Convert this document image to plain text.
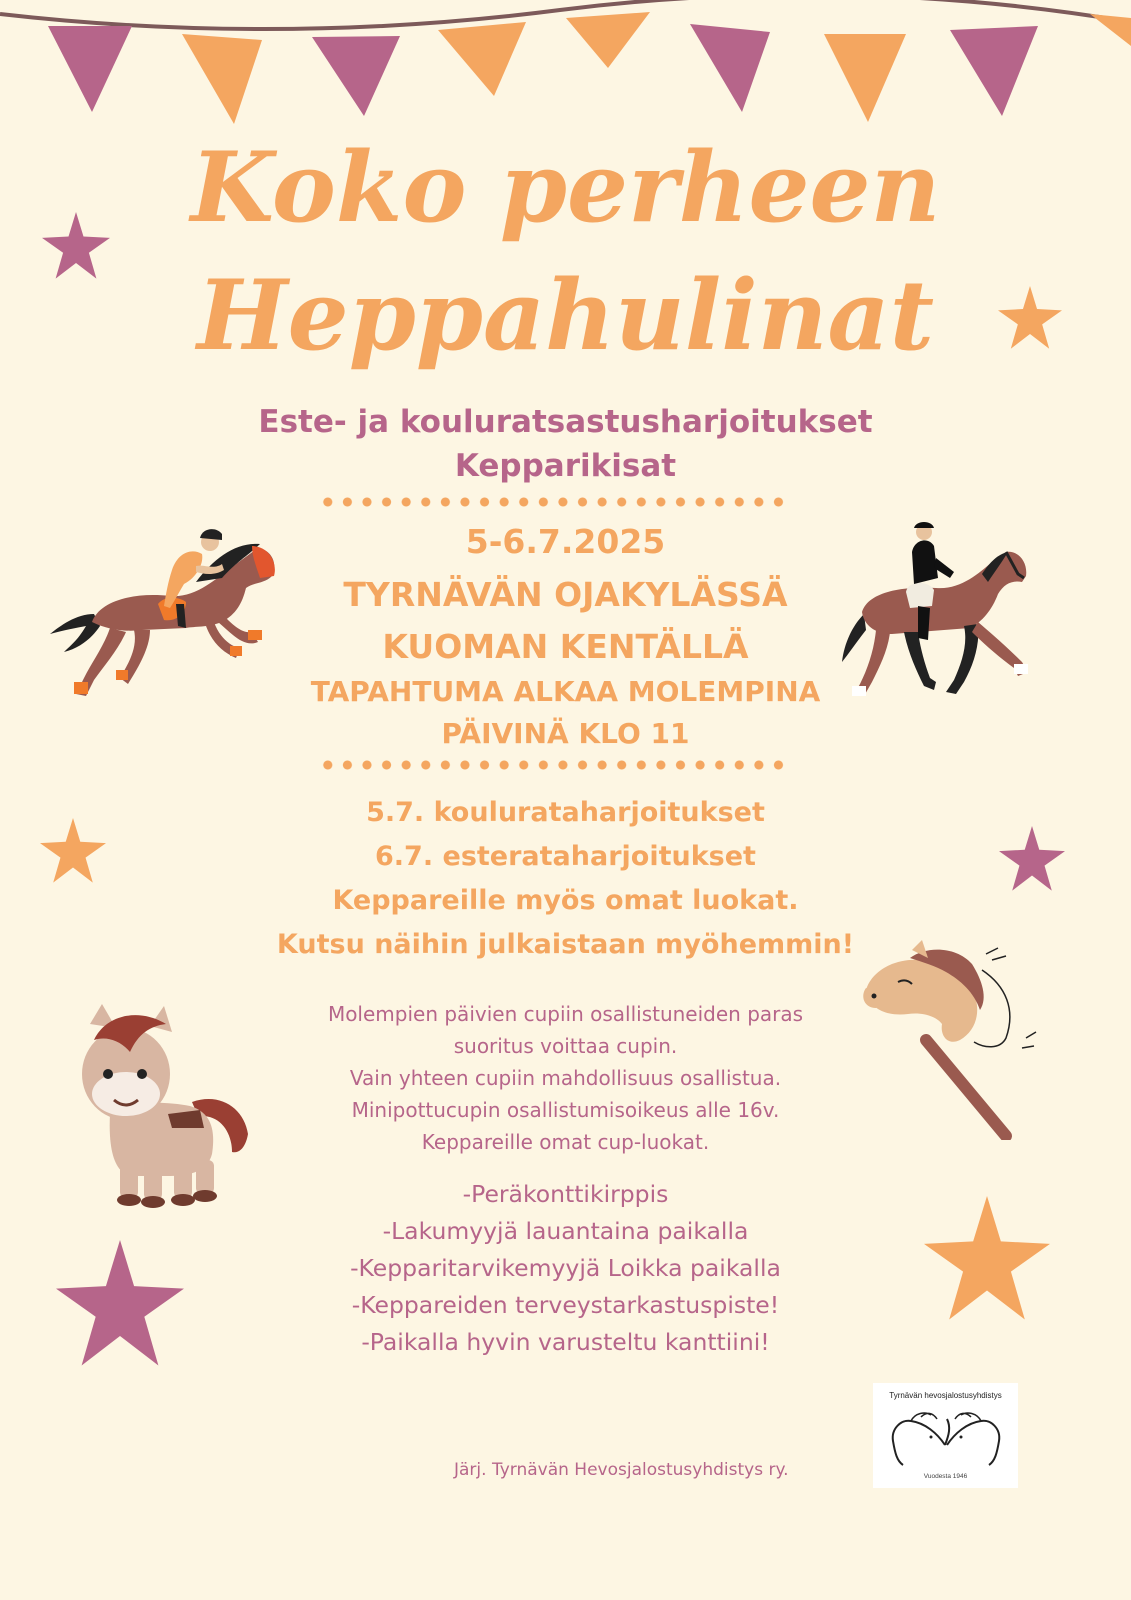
Koko perheen
Heppahulinat
Este- ja kouluratsastusharjoitukset
Kepparikisat
5-6.7.2025
TYRNÄVÄN OJAKYLÄSSÄ
KUOMAN KENTÄLLÄ
TAPAHTUMA ALKAA MOLEMPINA
PÄIVINÄ KLO 11
5.7. koulurataharjoitukset
6.7. esterataharjoitukset
Keppareille myös omat luokat.
Kutsu näihin julkaistaan myöhemmin!
Molempien päivien cupiin osallistuneiden paras
suoritus voittaa cupin.
Vain yhteen cupiin mahdollisuus osallistua.
Minipottucupin osallistumisoikeus alle 16v.
Keppareille omat cup-luokat.
-Peräkonttikirppis
-Lakumyyjä lauantaina paikalla
-Kepparitarvikemyyjä Loikka paikalla
-Keppareiden terveystarkastuspiste!
-Paikalla hyvin varusteltu kanttiini!
Järj. Tyrnävän Hevosjalostusyhdistys ry.
Tyrnävän hevosjalostusyhdistys
Vuodesta 1946
